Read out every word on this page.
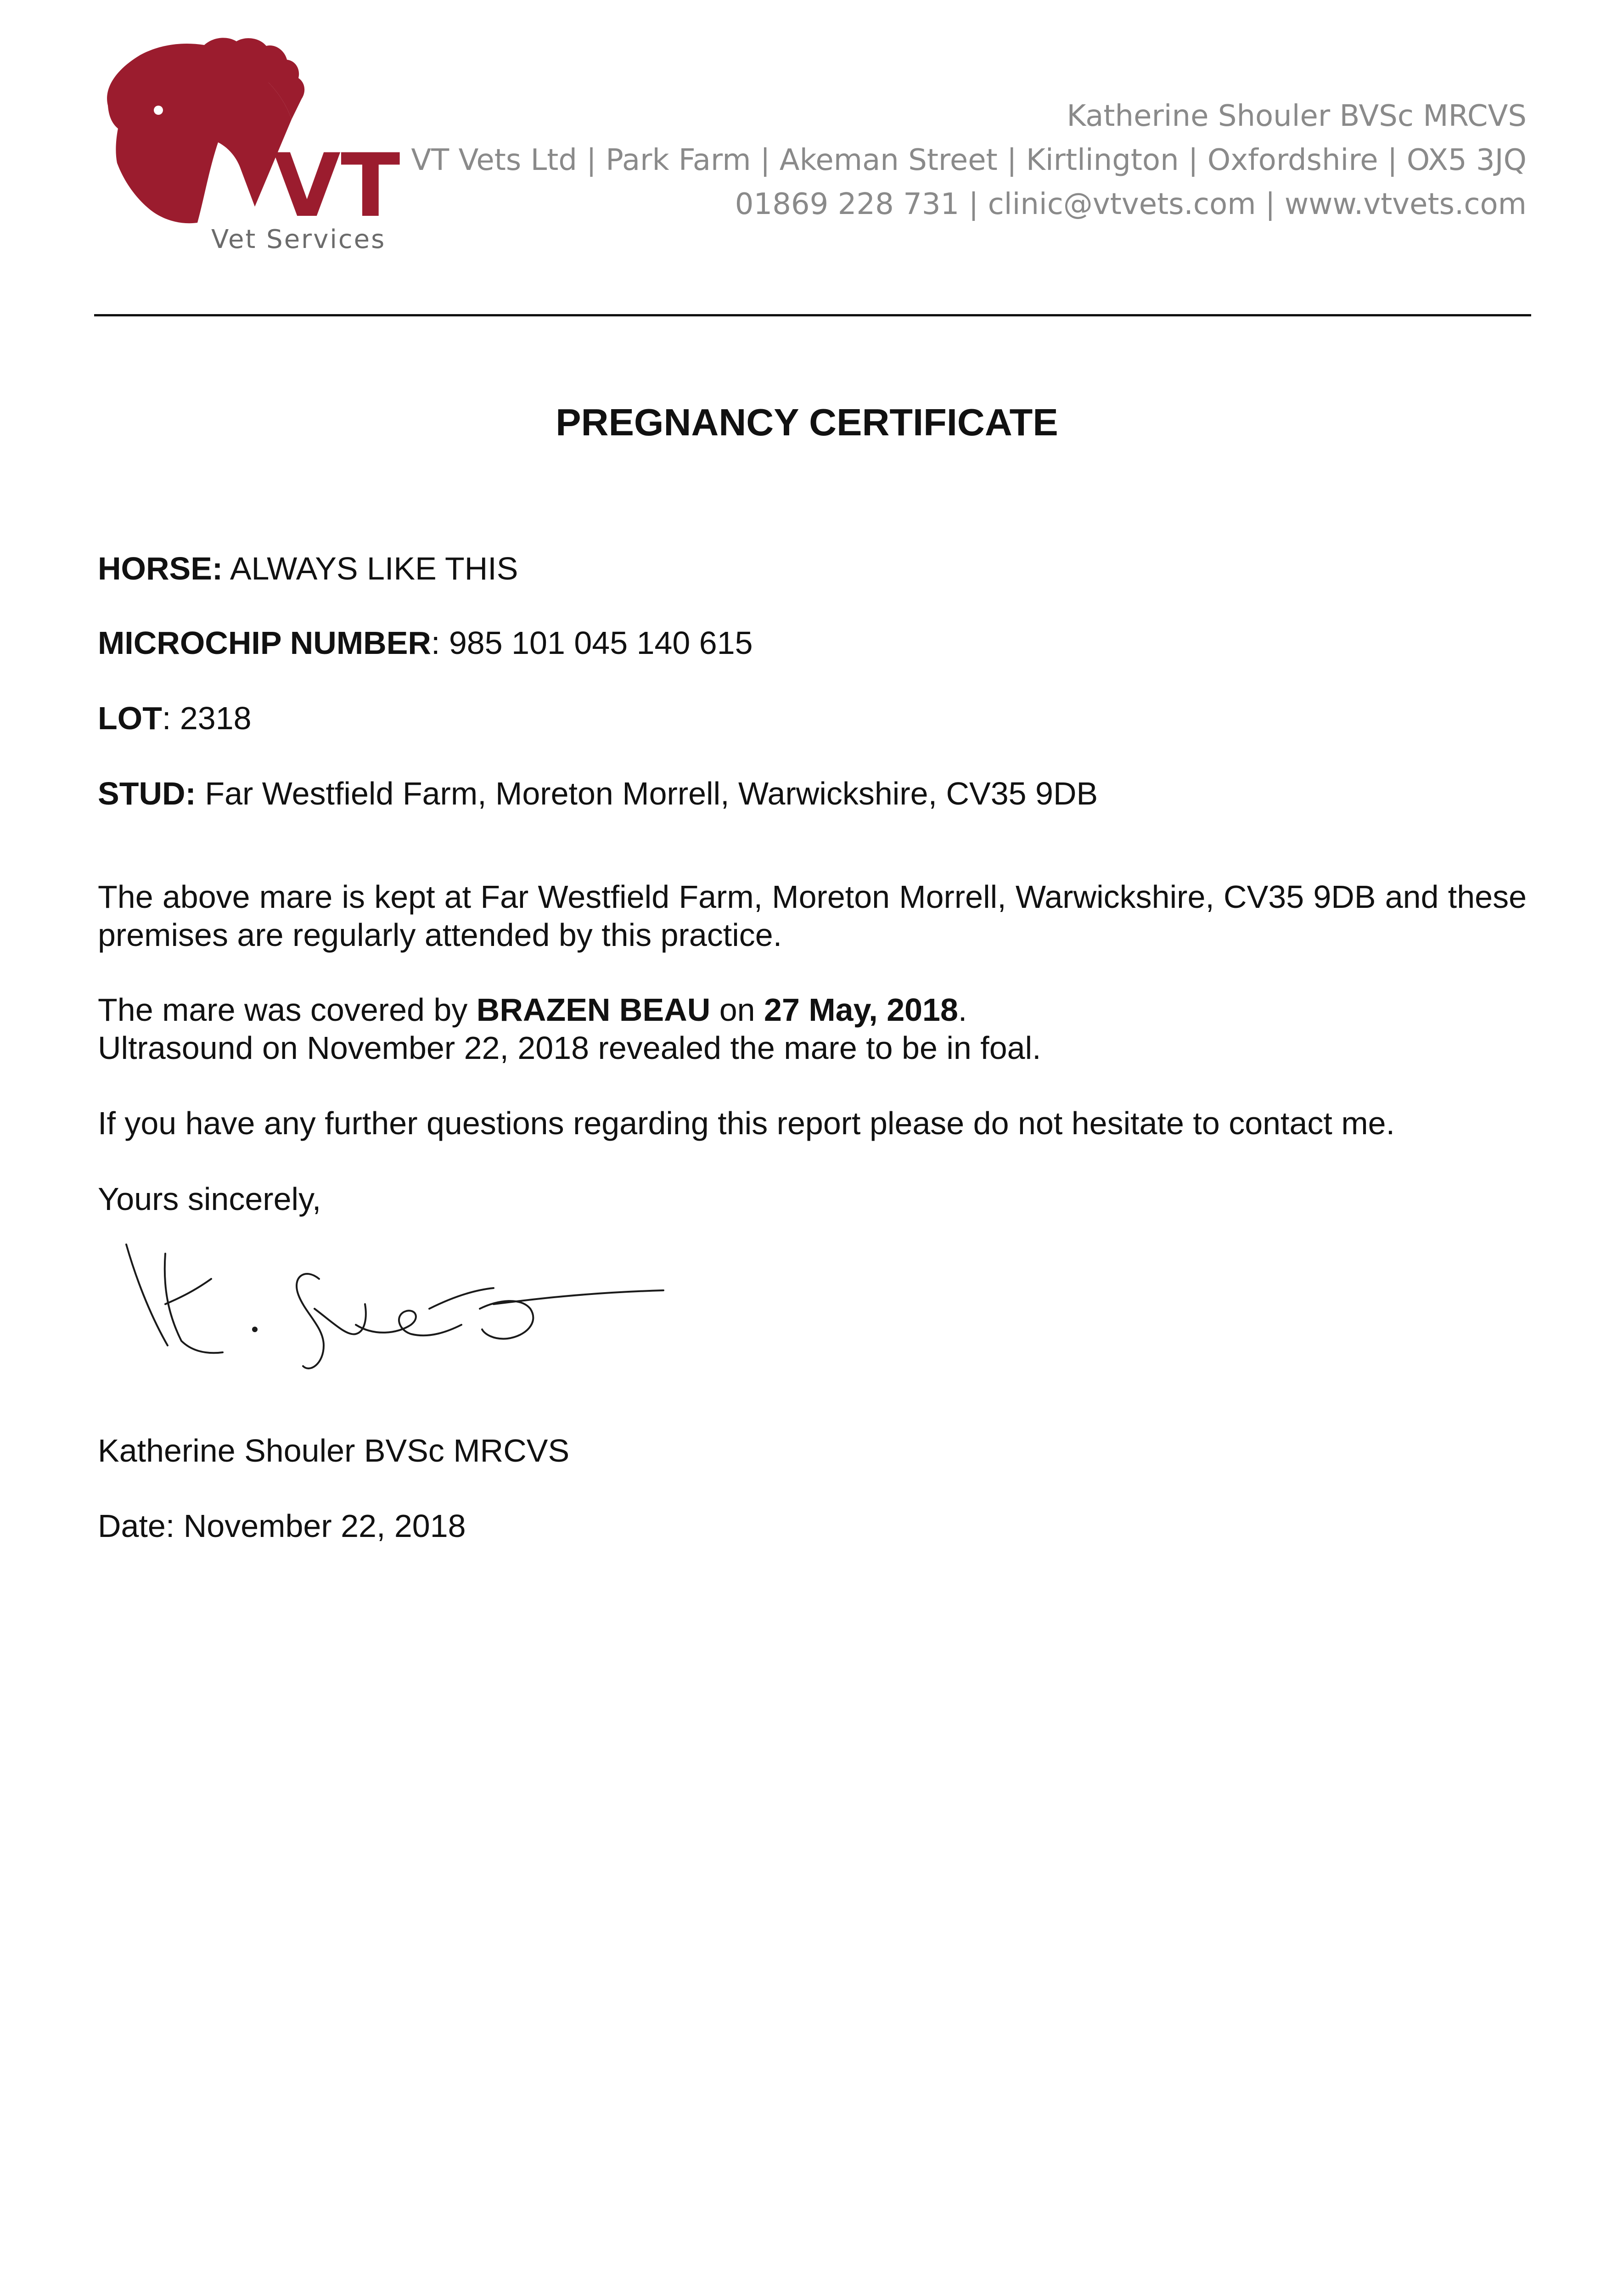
VT
Vet Services
Katherine Shouler BVSc MRCVS
VT Vets Ltd | Park Farm | Akeman Street | Kirtlington | Oxfordshire | OX5 3JQ
01869 228 731 | clinic@vtvets.com | www.vtvets.com
PREGNANCY CERTIFICATE
HORSE: ALWAYS LIKE THIS
MICROCHIP NUMBER: 985 101 045 140 615
LOT: 2318
STUD: Far Westfield Farm, Moreton Morrell, Warwickshire, CV35 9DB
The above mare is kept at Far Westfield Farm, Moreton Morrell, Warwickshire, CV35 9DB and these premises are regularly attended by this practice.
The mare was covered by BRAZEN BEAU on 27 May, 2018.
Ultrasound on November 22, 2018 revealed the mare to be in foal.
If you have any further questions regarding this report please do not hesitate to contact me.
Yours sincerely,
Katherine Shouler BVSc MRCVS
Date: November 22, 2018
